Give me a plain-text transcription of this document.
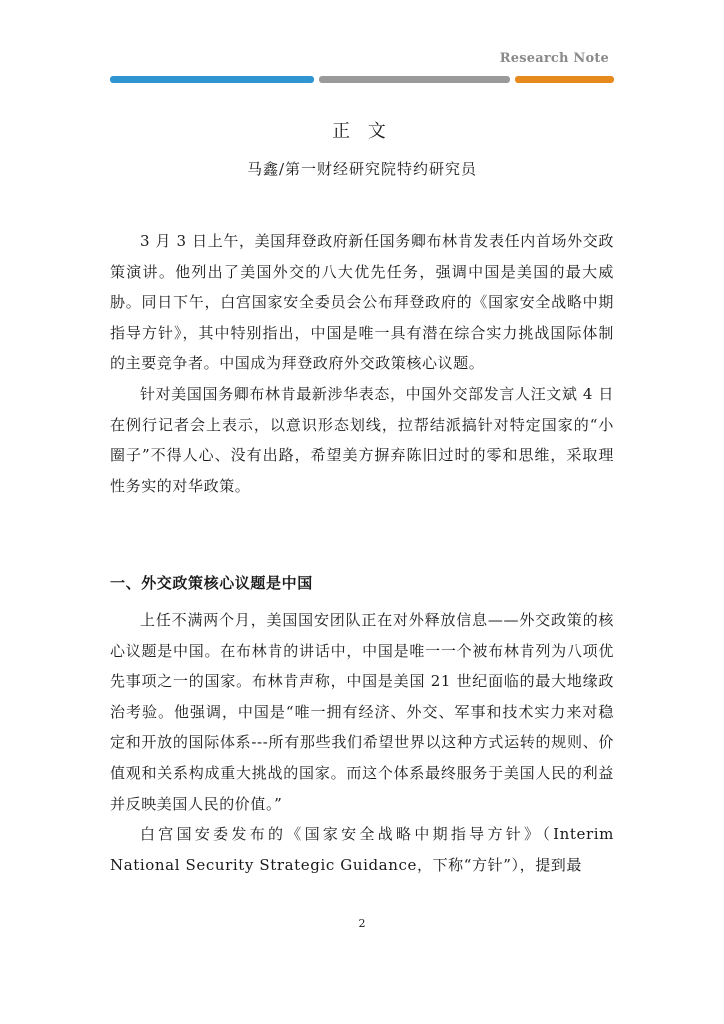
Research Note
正 文
马鑫/第一财经研究院特约研究员

3 月 3 日上午，美国拜登政府新任国务卿布林肯发表任内首场外交政策演讲。他列出了美国外交的八大优先任务，强调中国是美国的最大威胁。同日下午，白宫国家安全委员会公布拜登政府的《国家安全战略中期指导方针》，其中特别指出，中国是唯一具有潜在综合实力挑战国际体制的主要竞争者。中国成为拜登政府外交政策核心议题。

针对美国国务卿布林肯最新涉华表态，中国外交部发言人汪文斌 4 日在例行记者会上表示，以意识形态划线，拉帮结派搞针对特定国家的“小圈子”不得人心、没有出路，希望美方摒弃陈旧过时的零和思维，采取理性务实的对华政策。

一、外交政策核心议题是中国

上任不满两个月，美国国安团队正在对外释放信息——外交政策的核心议题是中国。在布林肯的讲话中，中国是唯一一个被布林肯列为八项优先事项之一的国家。布林肯声称，中国是美国 21 世纪面临的最大地缘政治考验。他强调，中国是“唯一拥有经济、外交、军事和技术实力来对稳定和开放的国际体系---所有那些我们希望世界以这种方式运转的规则、价值观和关系构成重大挑战的国家。而这个体系最终服务于美国人民的利益并反映美国人民的价值。”

白宫国安委发布的《国家安全战略中期指导方针》（Interim National Security Strategic Guidance，下称“方针”），提到最

2
